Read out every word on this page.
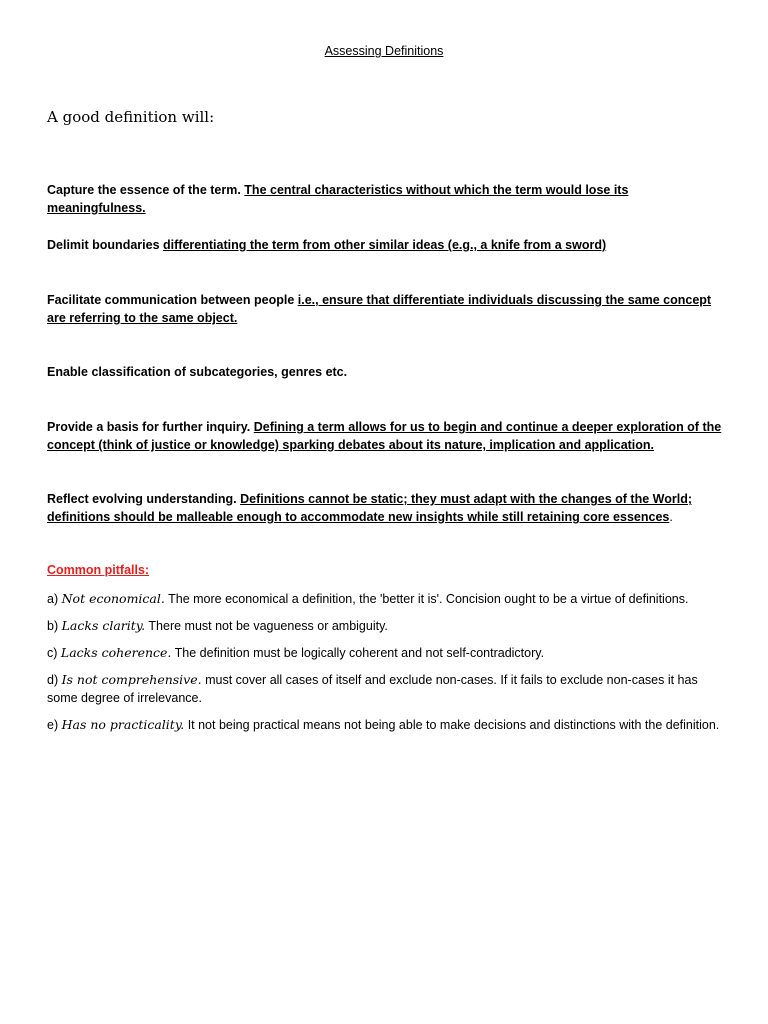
Assessing Definitions
A good definition will:
Capture the essence of the term. The central characteristics without which the term would lose its meaningfulness.
Delimit boundaries differentiating the term from other similar ideas (e.g., a knife from a sword)
Facilitate communication between people i.e., ensure that differentiate individuals discussing the same concept are referring to the same object.
Enable classification of subcategories, genres etc.
Provide a basis for further inquiry. Defining a term allows for us to begin and continue a deeper exploration of the concept (think of justice or knowledge) sparking debates about its nature, implication and application.
Reflect evolving understanding. Definitions cannot be static; they must adapt with the changes of the World; definitions should be malleable enough to accommodate new insights while still retaining core essences.
Common pitfalls:
a) Not economical. The more economical a definition, the 'better it is'. Concision ought to be a virtue of definitions.
b) Lacks clarity. There must not be vagueness or ambiguity.
c) Lacks coherence. The definition must be logically coherent and not self-contradictory.
d) Is not comprehensive. must cover all cases of itself and exclude non-cases. If it fails to exclude non-cases it has some degree of irrelevance.
e) Has no practicality. It not being practical means not being able to make decisions and distinctions with the definition.
